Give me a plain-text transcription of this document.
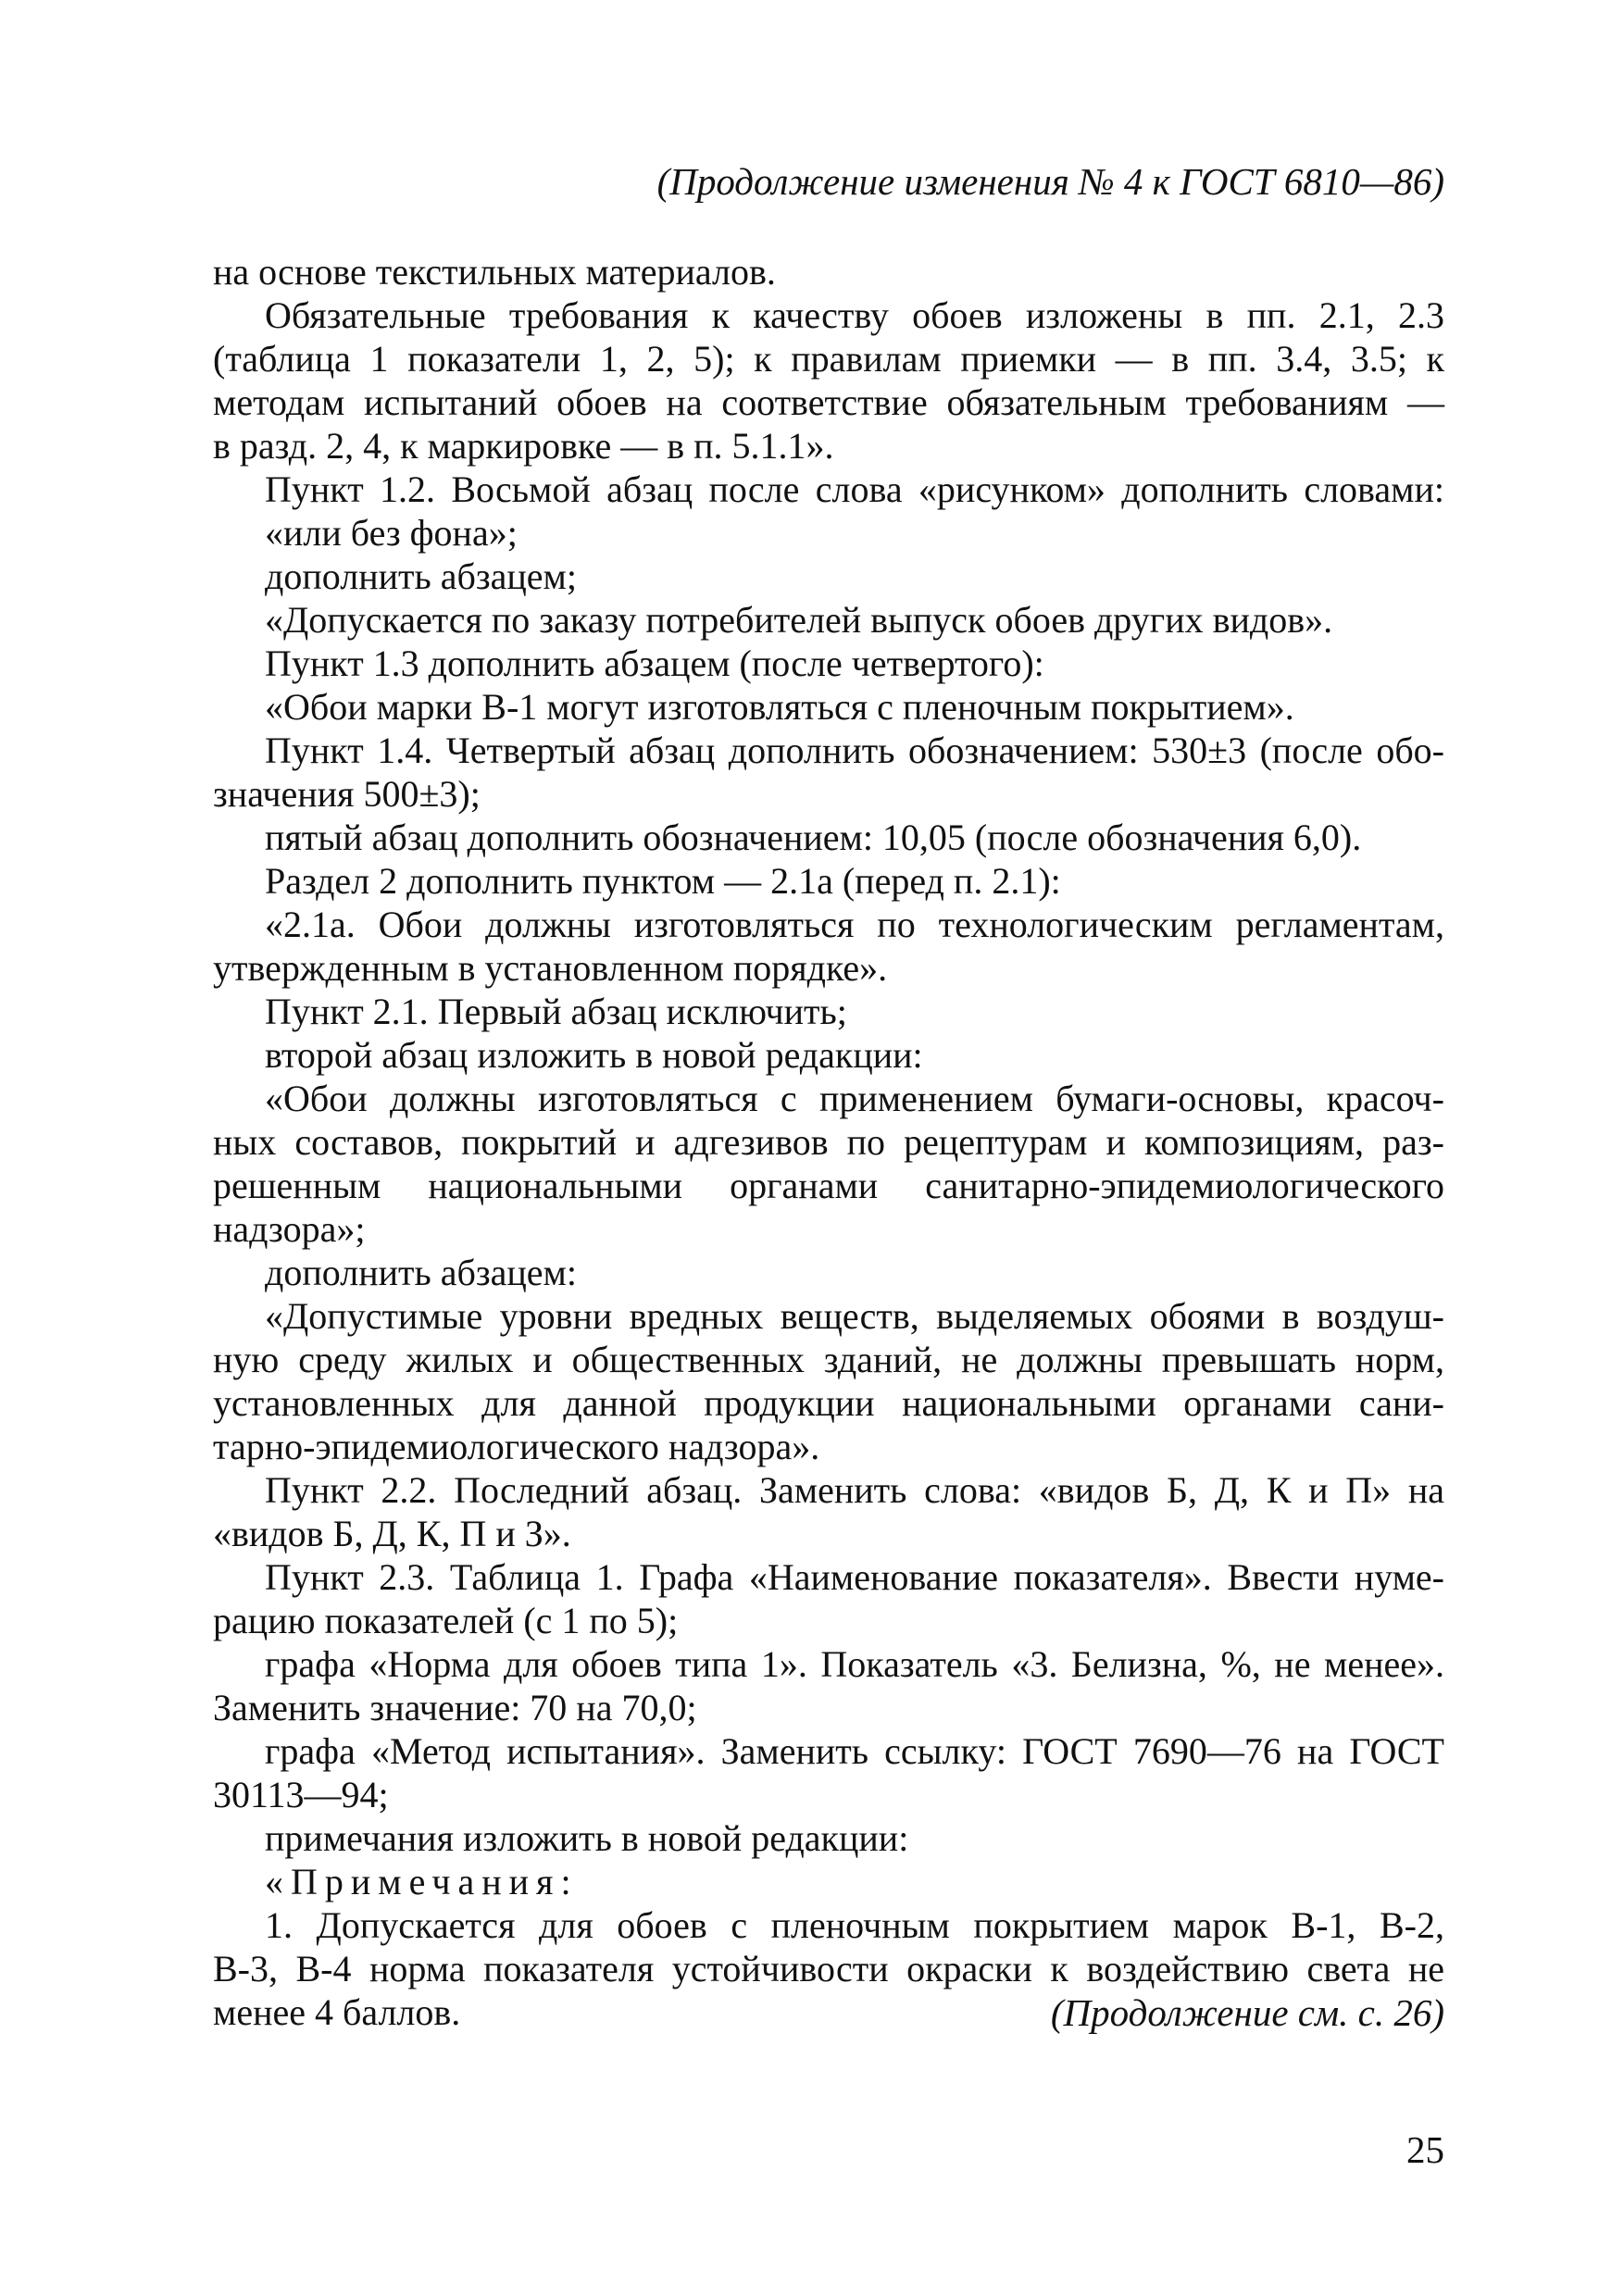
(Продолжение изменения № 4 к ГОСТ 6810—86)
на основе текстильных материалов.
Обязательные требования к качеству обоев изложены в пп. 2.1, 2.3
(таблица 1 показатели 1, 2, 5); к правилам приемки — в пп. 3.4, 3.5; к
методам испытаний обоев на соответствие обязательным требованиям —
в разд. 2, 4, к маркировке — в п. 5.1.1».
Пункт 1.2. Восьмой абзац после слова «рисунком» дополнить словами:
«или без фона»;
дополнить абзацем;
«Допускается по заказу потребителей выпуск обоев других видов».
Пункт 1.3 дополнить абзацем (после четвертого):
«Обои марки В-1 могут изготовляться с пленочным покрытием».
Пункт 1.4. Четвертый абзац дополнить обозначением: 530±3 (после обо-
значения 500±3);
пятый абзац дополнить обозначением: 10,05 (после обозначения 6,0).
Раздел 2 дополнить пунктом — 2.1а (перед п. 2.1):
«2.1а. Обои должны изготовляться по технологическим регламентам,
утвержденным в установленном порядке».
Пункт 2.1. Первый абзац исключить;
второй абзац изложить в новой редакции:
«Обои должны изготовляться с применением бумаги-основы, красоч-
ных составов, покрытий и адгезивов по рецептурам и композициям, раз-
решенным национальными органами санитарно-эпидемиологического
надзора»;
дополнить абзацем:
«Допустимые уровни вредных веществ, выделяемых обоями в воздуш-
ную среду жилых и общественных зданий, не должны превышать норм,
установленных для данной продукции национальными органами сани-
тарно-эпидемиологического надзора».
Пункт 2.2. Последний абзац. Заменить слова: «видов Б, Д, К и П» на
«видов Б, Д, К, П и З».
Пункт 2.3. Таблица 1. Графа «Наименование показателя». Ввести нуме-
рацию показателей (с 1 по 5);
графа «Норма для обоев типа 1». Показатель «3. Белизна, %, не менее».
Заменить значение: 70 на 70,0;
графа «Метод испытания». Заменить ссылку: ГОСТ 7690—76 на ГОСТ
30113—94;
примечания изложить в новой редакции:
«Примечания:
1. Допускается для обоев с пленочным покрытием марок В-1, В-2,
В-3, В-4 норма показателя устойчивости окраски к воздействию света не
менее 4 баллов.	(Продолжение см. с. 26)
25
